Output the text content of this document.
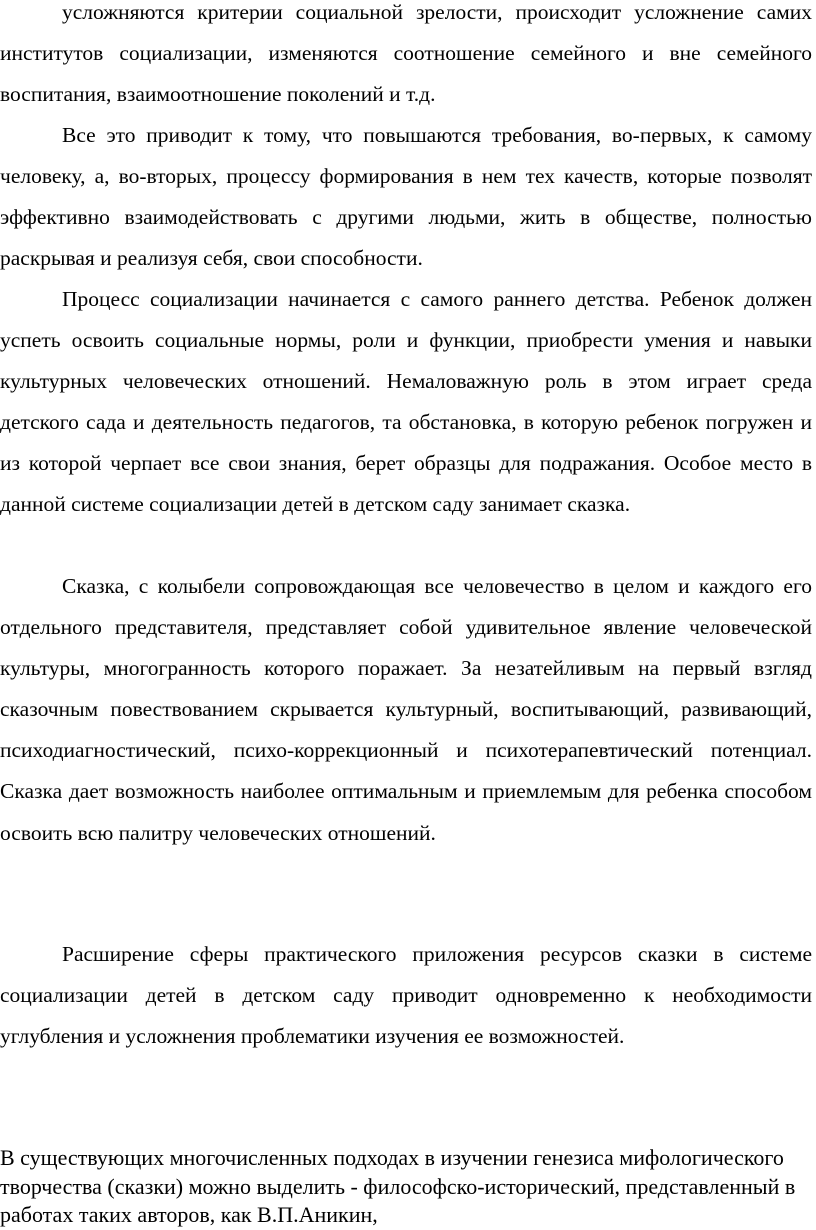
усложняются критерии социальной зрелости, происходит усложнение самих институтов социализации, изменяются соотношение семейного и вне семейного воспитания, взаимоотношение поколений и т.д.

Все это приводит к тому, что повышаются требования, во-первых, к самому человеку, а, во-вторых, процессу формирования в нем тех качеств, которые позволят эффективно взаимодействовать с другими людьми, жить в обществе, полностью раскрывая и реализуя себя, свои способности.

Процесс социализации начинается с самого раннего детства. Ребенок должен успеть освоить социальные нормы, роли и функции, приобрести умения и навыки культурных человеческих отношений. Немаловажную роль в этом играет среда детского сада и деятельность педагогов, та обстановка, в которую ребенок погружен и из которой черпает все свои знания, берет образцы для подражания. Особое место в данной системе социализации детей в детском саду занимает сказка.

Сказка, с колыбели сопровождающая все человечество в целом и каждого его отдельного представителя, представляет собой удивительное явление человеческой культуры, многогранность которого поражает. За незатейливым на первый взгляд сказочным повествованием скрывается культурный, воспитывающий, развивающий, психодиагностический, психо-коррекционный и психотерапевтический потенциал. Сказка дает возможность наиболее оптимальным и приемлемым для ребенка способом освоить всю палитру человеческих отношений.

Расширение сферы практического приложения ресурсов сказки в системе социализации детей в детском саду приводит одновременно к необходимости углубления и усложнения проблематики изучения ее возможностей.

В существующих многочисленных подходах в изучении генезиса мифологического творчества (сказки) можно выделить - философско-исторический, представленный в работах таких авторов, как В.П.Аникин,
